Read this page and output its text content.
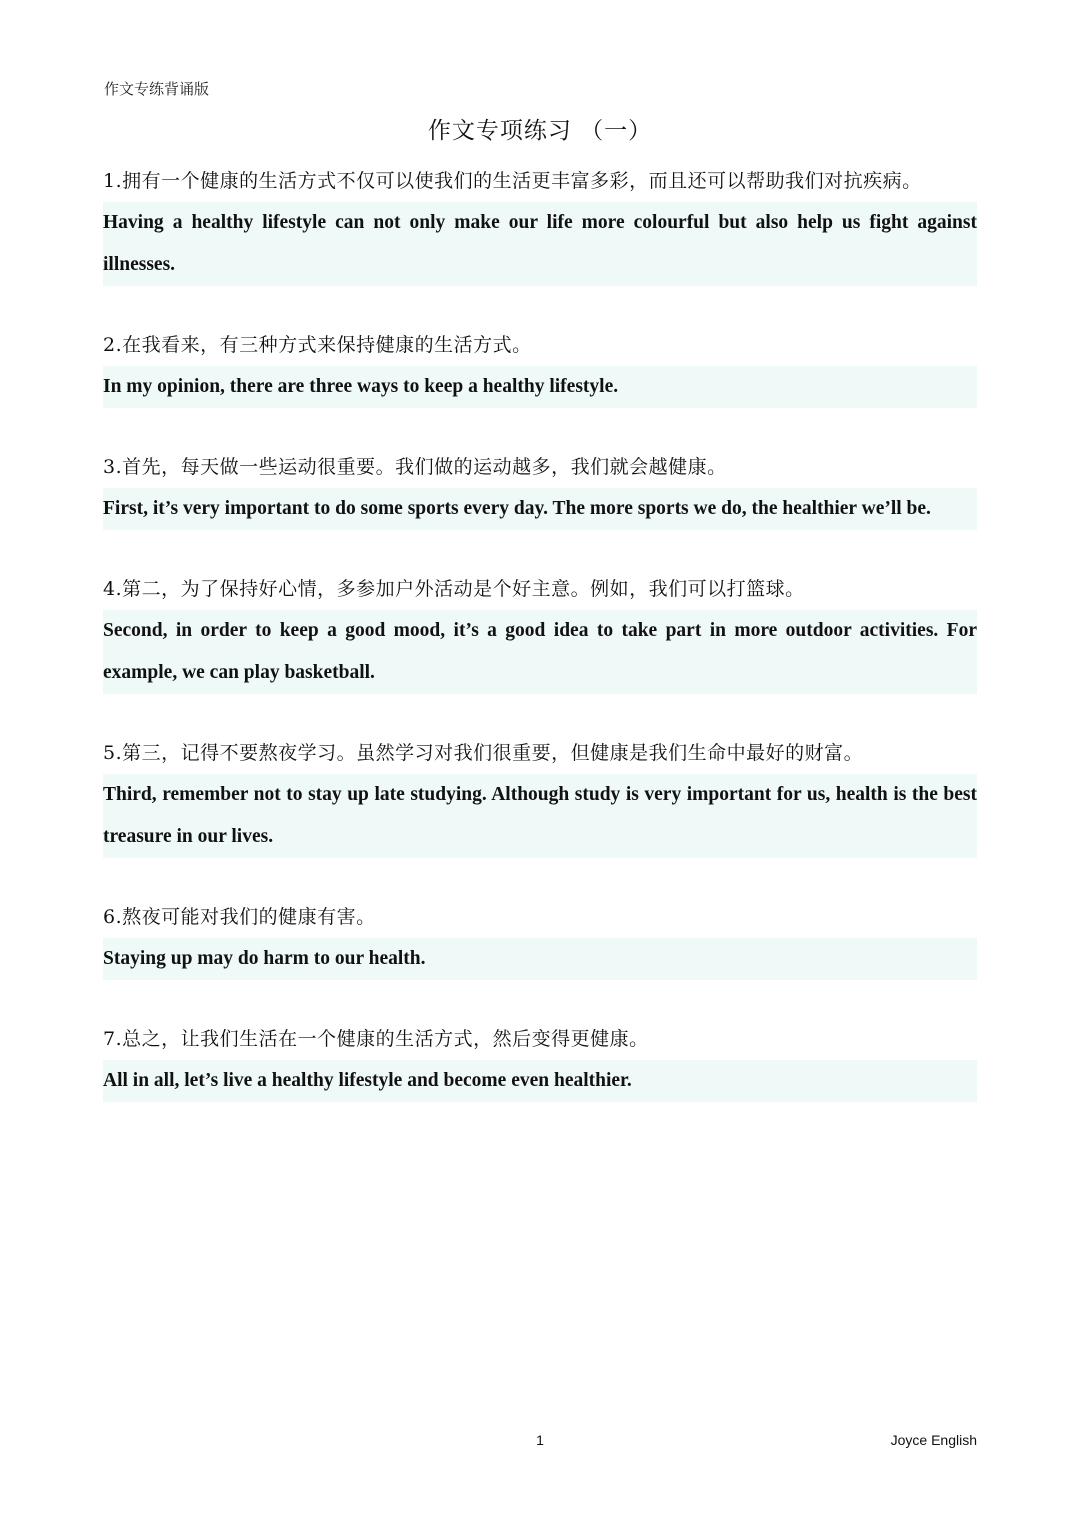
作文专练背诵版
作文专项练习 （一）
1.拥有一个健康的生活方式不仅可以使我们的生活更丰富多彩，而且还可以帮助我们对抗疾病。
Having a healthy lifestyle can not only make our life more colourful but also help us fight against illnesses.
2.在我看来，有三种方式来保持健康的生活方式。
In my opinion, there are three ways to keep a healthy lifestyle.
3.首先，每天做一些运动很重要。我们做的运动越多，我们就会越健康。
First, it’s very important to do some sports every day. The more sports we do, the healthier we’ll be.
4.第二，为了保持好心情，多参加户外活动是个好主意。例如，我们可以打篮球。
Second, in order to keep a good mood, it’s a good idea to take part in more outdoor activities. For example, we can play basketball.
5.第三，记得不要熬夜学习。虽然学习对我们很重要，但健康是我们生命中最好的财富。
Third, remember not to stay up late studying. Although study is very important for us, health is the best treasure in our lives.
6.熬夜可能对我们的健康有害。
Staying up may do harm to our health.
7.总之，让我们生活在一个健康的生活方式，然后变得更健康。
All in all, let’s live a healthy lifestyle and become even healthier.
1	Joyce English
